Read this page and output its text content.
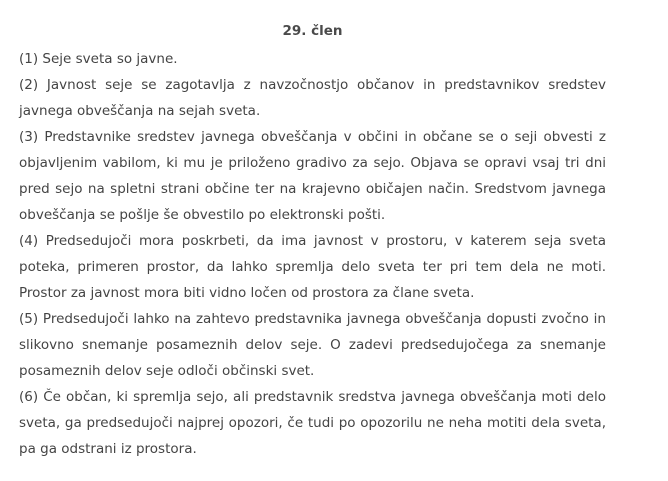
29. člen

(1) Seje sveta so javne.

(2) Javnost seje se zagotavlja z navzočnostjo občanov in predstavnikov sredstev javnega obveščanja na sejah sveta.

(3) Predstavnike sredstev javnega obveščanja v občini in občane se o seji obvesti z objavljenim vabilom, ki mu je priloženo gradivo za sejo. Objava se opravi vsaj tri dni pred sejo na spletni strani občine ter na krajevno običajen način. Sredstvom javnega obveščanja se pošlje še obvestilo po elektronski pošti.

(4) Predsedujoči mora poskrbeti, da ima javnost v prostoru, v katerem seja sveta poteka, primeren prostor, da lahko spremlja delo sveta ter pri tem dela ne moti. Prostor za javnost mora biti vidno ločen od prostora za člane sveta.

(5) Predsedujoči lahko na zahtevo predstavnika javnega obveščanja dopusti zvočno in slikovno snemanje posameznih delov seje. O zadevi predsedujočega za snemanje posameznih delov seje odloči občinski svet.

(6) Če občan, ki spremlja sejo, ali predstavnik sredstva javnega obveščanja moti delo sveta, ga predsedujoči najprej opozori, če tudi po opozorilu ne neha motiti dela sveta, pa ga odstrani iz prostora.
